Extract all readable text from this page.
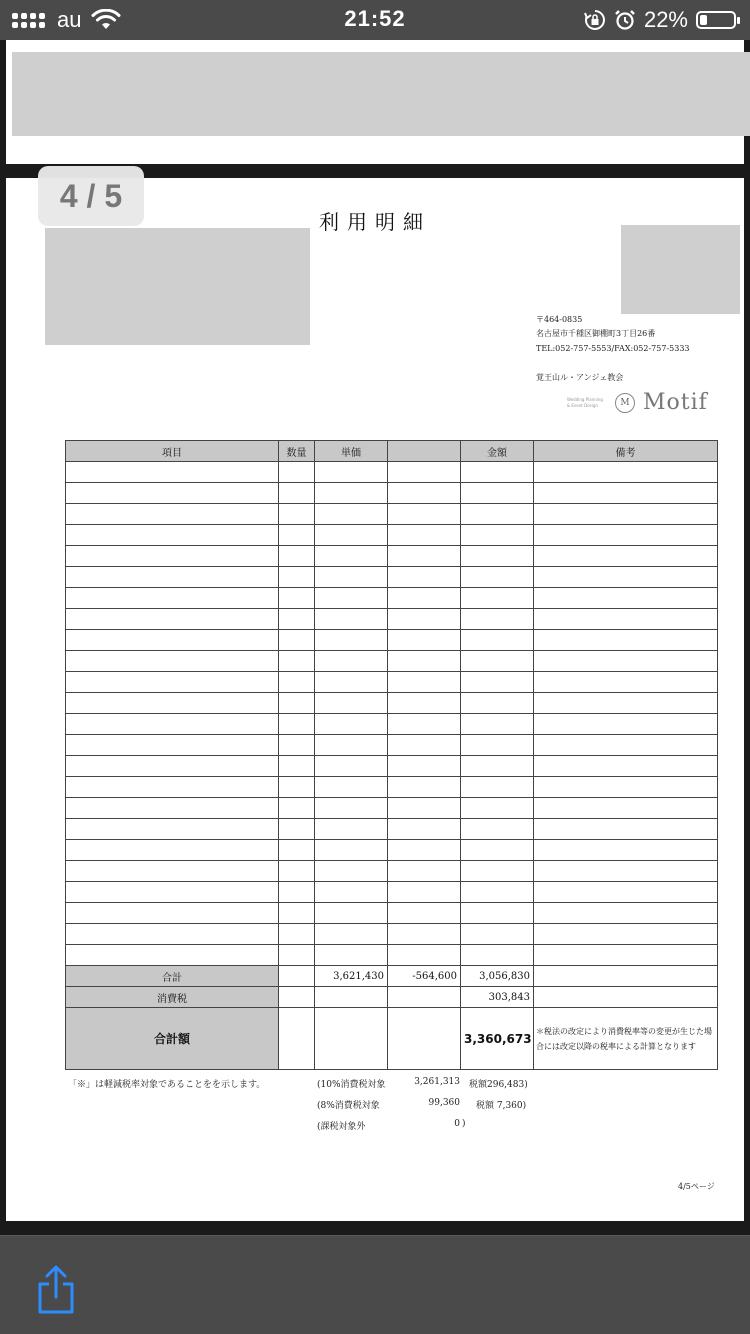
au	21:52	22%
4 / 5
利用明細
〒464-0835
名古屋市千種区御棚町3丁目26番
TEL:052-757-5553/FAX:052-757-5333
覚王山ル・アンジェ教会
Wedding Planning
& Event Design	M Motif
項目	数量	単価		金額	備考

合計		3,621,430	-564,600	3,056,830	
消費税				303,843	
合計額				3,360,673	＊税法の改定により消費税率等の変更が生じた場合には改定以降の税率による計算となります
「※」は軽減税率対象であることをを示します。	(10%消費税対象	3,261,313 税額296,483)
(8%消費税対象	99,360 税額 7,360)
(課税対象外	0 )
4/5ページ
